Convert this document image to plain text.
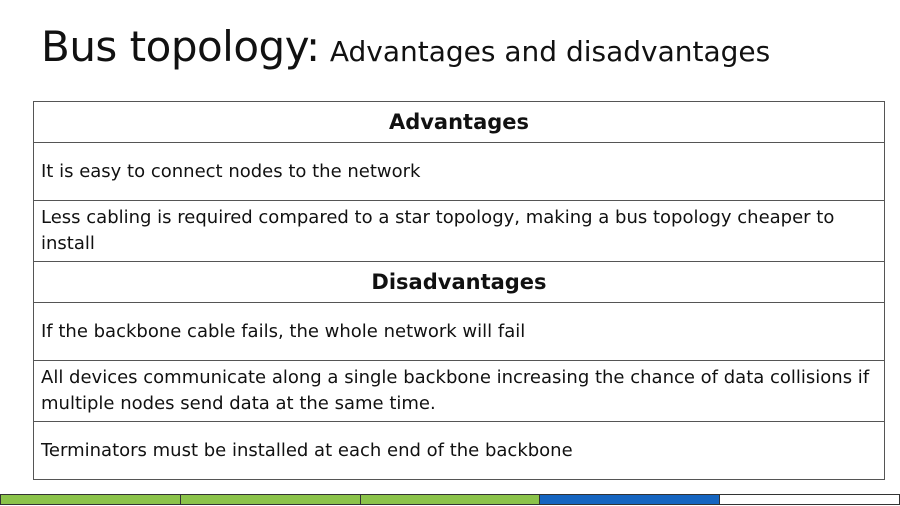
Bus topology: Advantages and disadvantages
Advantages
It is easy to connect nodes to the network
Less cabling is required compared to a star topology, making a bus topology cheaper to install
Disadvantages
If the backbone cable fails, the whole network will fail
All devices communicate along a single backbone increasing the chance of data collisions if multiple nodes send data at the same time.
Terminators must be installed at each end of the backbone
